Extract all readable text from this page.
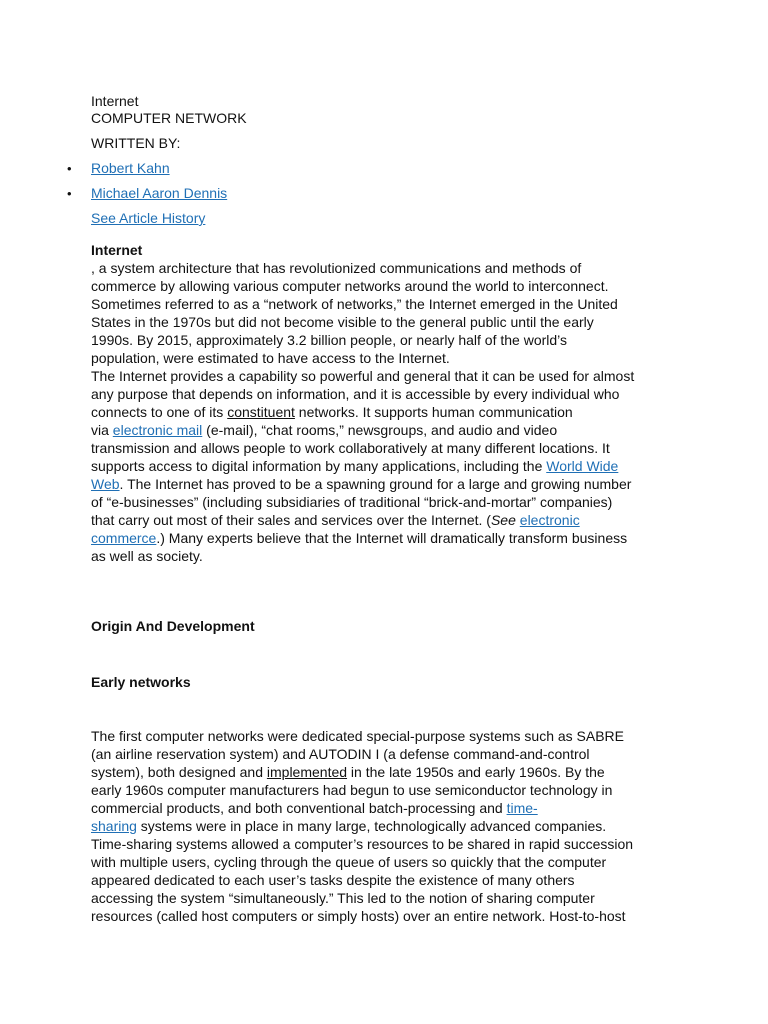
Internet
COMPUTER NETWORK
WRITTEN BY:
• Robert Kahn
• Michael Aaron Dennis
See Article History
Internet
, a system architecture that has revolutionized communications and methods of
commerce by allowing various computer networks around the world to interconnect.
Sometimes referred to as a “network of networks,” the Internet emerged in the United
States in the 1970s but did not become visible to the general public until the early
1990s. By 2015, approximately 3.2 billion people, or nearly half of the world’s
population, were estimated to have access to the Internet.
The Internet provides a capability so powerful and general that it can be used for almost
any purpose that depends on information, and it is accessible by every individual who
connects to one of its constituent networks. It supports human communication
via electronic mail (e-mail), “chat rooms,” newsgroups, and audio and video
transmission and allows people to work collaboratively at many different locations. It
supports access to digital information by many applications, including the World Wide
Web. The Internet has proved to be a spawning ground for a large and growing number
of “e-businesses” (including subsidiaries of traditional “brick-and-mortar” companies)
that carry out most of their sales and services over the Internet. (See electronic
commerce.) Many experts believe that the Internet will dramatically transform business
as well as society.
Origin And Development
Early networks
The first computer networks were dedicated special-purpose systems such as SABRE
(an airline reservation system) and AUTODIN I (a defense command-and-control
system), both designed and implemented in the late 1950s and early 1960s. By the
early 1960s computer manufacturers had begun to use semiconductor technology in
commercial products, and both conventional batch-processing and time-
sharing systems were in place in many large, technologically advanced companies.
Time-sharing systems allowed a computer’s resources to be shared in rapid succession
with multiple users, cycling through the queue of users so quickly that the computer
appeared dedicated to each user’s tasks despite the existence of many others
accessing the system “simultaneously.” This led to the notion of sharing computer
resources (called host computers or simply hosts) over an entire network. Host-to-host
